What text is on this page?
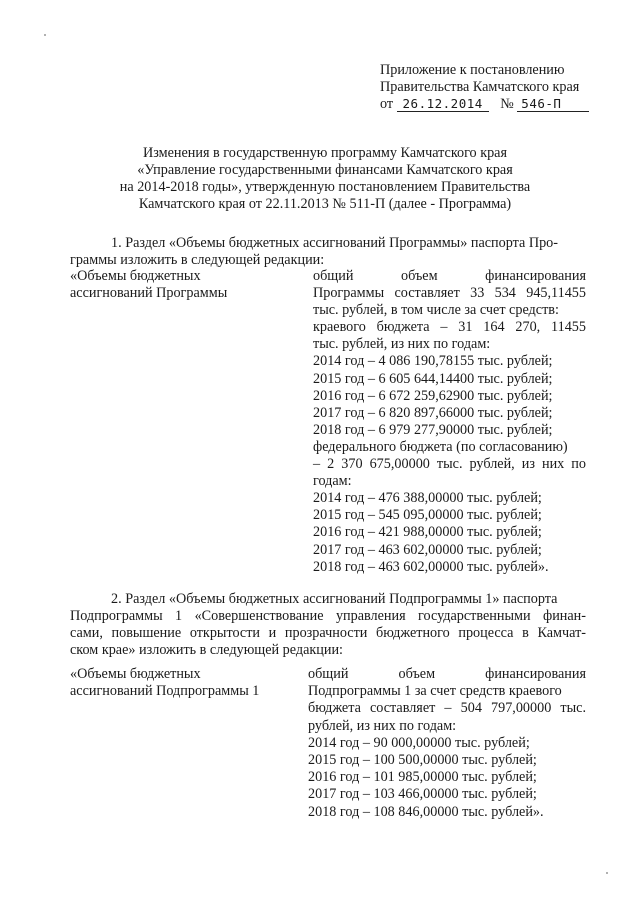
Приложение к постановлению
Правительства Камчатского края
от 26.12.2014 № 546-П
Изменения в государственную программу Камчатского края
«Управление государственными финансами Камчатского края
на 2014-2018 годы», утвержденную постановлением Правительства
Камчатского края от 22.11.2013 № 511-П (далее - Программа)
1. Раздел «Объемы бюджетных ассигнований Программы» паспорта Про-
граммы изложить в следующей редакции:
«Объемы бюджетных
ассигнований Программы
общий объем финансирования
Программы составляет 33 534 945,11455
тыс. рублей, в том числе за счет средств:
краевого бюджета – 31 164 270, 11455
тыс. рублей, из них по годам:
2014 год – 4 086 190,78155 тыс. рублей;
2015 год – 6 605 644,14400 тыс. рублей;
2016 год – 6 672 259,62900 тыс. рублей;
2017 год – 6 820 897,66000 тыс. рублей;
2018 год – 6 979 277,90000 тыс. рублей;
федерального бюджета (по согласованию)
– 2 370 675,00000 тыс. рублей, из них по
годам:
2014 год – 476 388,00000 тыс. рублей;
2015 год – 545 095,00000 тыс. рублей;
2016 год – 421 988,00000 тыс. рублей;
2017 год – 463 602,00000 тыс. рублей;
2018 год – 463 602,00000 тыс. рублей».
2. Раздел «Объемы бюджетных ассигнований Подпрограммы 1» паспорта
Подпрограммы 1 «Совершенствование управления государственными финан-
сами, повышение открытости и прозрачности бюджетного процесса в Камчат-
ском крае» изложить в следующей редакции:
«Объемы бюджетных
ассигнований Подпрограммы 1
общий объем финансирования
Подпрограммы 1 за счет средств краевого
бюджета составляет – 504 797,00000 тыс.
рублей, из них по годам:
2014 год – 90 000,00000 тыс. рублей;
2015 год – 100 500,00000 тыс. рублей;
2016 год – 101 985,00000 тыс. рублей;
2017 год – 103 466,00000 тыс. рублей;
2018 год – 108 846,00000 тыс. рублей».
